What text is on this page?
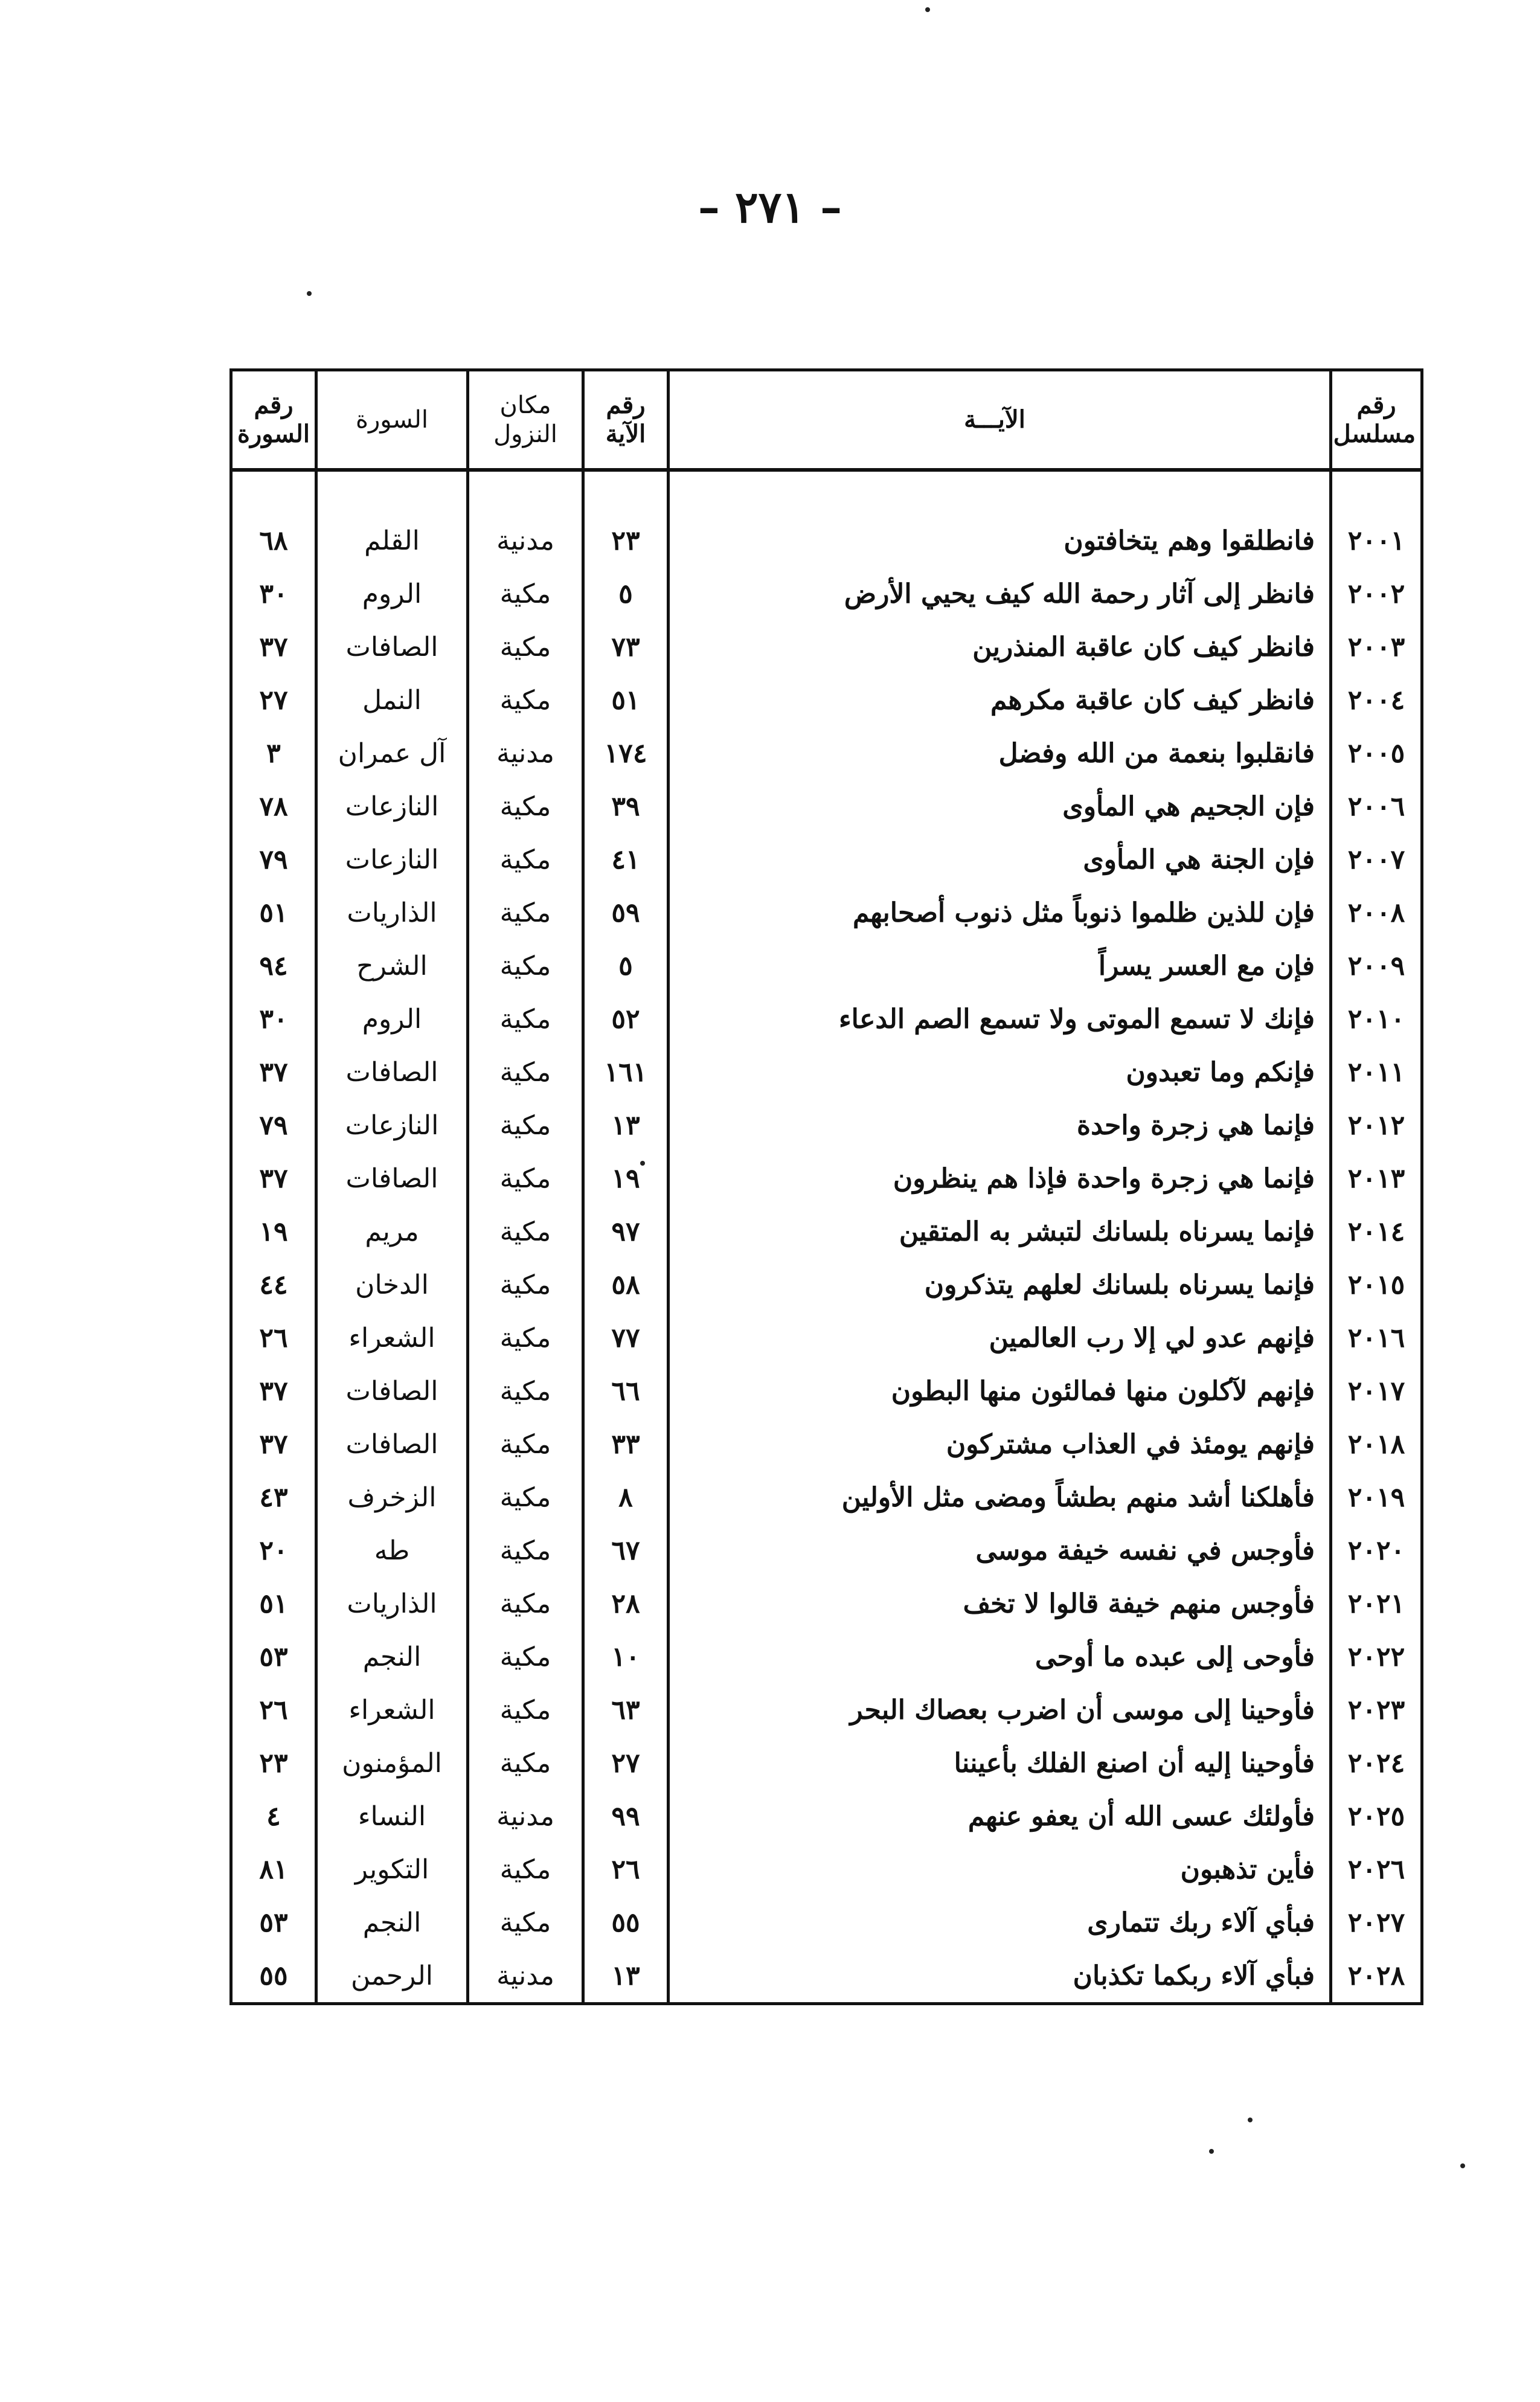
– ٢٧١ –
رقم مسلسل	الآيـــة	رقم الآية	مكان النزول	السورة	رقم السورة

٢٠٠١	فانطلقوا وهم يتخافتون	٢٣	مدنية	القلم	٦٨
٢٠٠٢	فانظر إلى آثار رحمة الله كيف يحيي الأرض	٥	مكية	الروم	٣٠
٢٠٠٣	فانظر كيف كان عاقبة المنذرين	٧٣	مكية	الصافات	٣٧
٢٠٠٤	فانظر كيف كان عاقبة مكرهم	٥١	مكية	النمل	٢٧
٢٠٠٥	فانقلبوا بنعمة من الله وفضل	١٧٤	مدنية	آل عمران	٣
٢٠٠٦	فإن الجحيم هي المأوى	٣٩	مكية	النازعات	٧٨
٢٠٠٧	فإن الجنة هي المأوى	٤١	مكية	النازعات	٧٩
٢٠٠٨	فإن للذين ظلموا ذنوباً مثل ذنوب أصحابهم	٥٩	مكية	الذاريات	٥١
٢٠٠٩	فإن مع العسر يسراً	٥	مكية	الشرح	٩٤
٢٠١٠	فإنك لا تسمع الموتى ولا تسمع الصم الدعاء	٥٢	مكية	الروم	٣٠
٢٠١١	فإنكم وما تعبدون	١٦١	مكية	الصافات	٣٧
٢٠١٢	فإنما هي زجرة واحدة	١٣	مكية	النازعات	٧٩
٢٠١٣	فإنما هي زجرة واحدة فإذا هم ينظرون	١٩	مكية	الصافات	٣٧
٢٠١٤	فإنما يسرناه بلسانك لتبشر به المتقين	٩٧	مكية	مريم	١٩
٢٠١٥	فإنما يسرناه بلسانك لعلهم يتذكرون	٥٨	مكية	الدخان	٤٤
٢٠١٦	فإنهم عدو لي إلا رب العالمين	٧٧	مكية	الشعراء	٢٦
٢٠١٧	فإنهم لآكلون منها فمالئون منها البطون	٦٦	مكية	الصافات	٣٧
٢٠١٨	فإنهم يومئذ في العذاب مشتركون	٣٣	مكية	الصافات	٣٧
٢٠١٩	فأهلكنا أشد منهم بطشاً ومضى مثل الأولين	٨	مكية	الزخرف	٤٣
٢٠٢٠	فأوجس في نفسه خيفة موسى	٦٧	مكية	طه	٢٠
٢٠٢١	فأوجس منهم خيفة قالوا لا تخف	٢٨	مكية	الذاريات	٥١
٢٠٢٢	فأوحى إلى عبده ما أوحى	١٠	مكية	النجم	٥٣
٢٠٢٣	فأوحينا إلى موسى أن اضرب بعصاك البحر	٦٣	مكية	الشعراء	٢٦
٢٠٢٤	فأوحينا إليه أن اصنع الفلك بأعيننا	٢٧	مكية	المؤمنون	٢٣
٢٠٢٥	فأولئك عسى الله أن يعفو عنهم	٩٩	مدنية	النساء	٤
٢٠٢٦	فأين تذهبون	٢٦	مكية	التكوير	٨١
٢٠٢٧	فبأي آلاء ربك تتمارى	٥٥	مكية	النجم	٥٣
٢٠٢٨	فبأي آلاء ربكما تكذبان	١٣	مدنية	الرحمن	٥٥
